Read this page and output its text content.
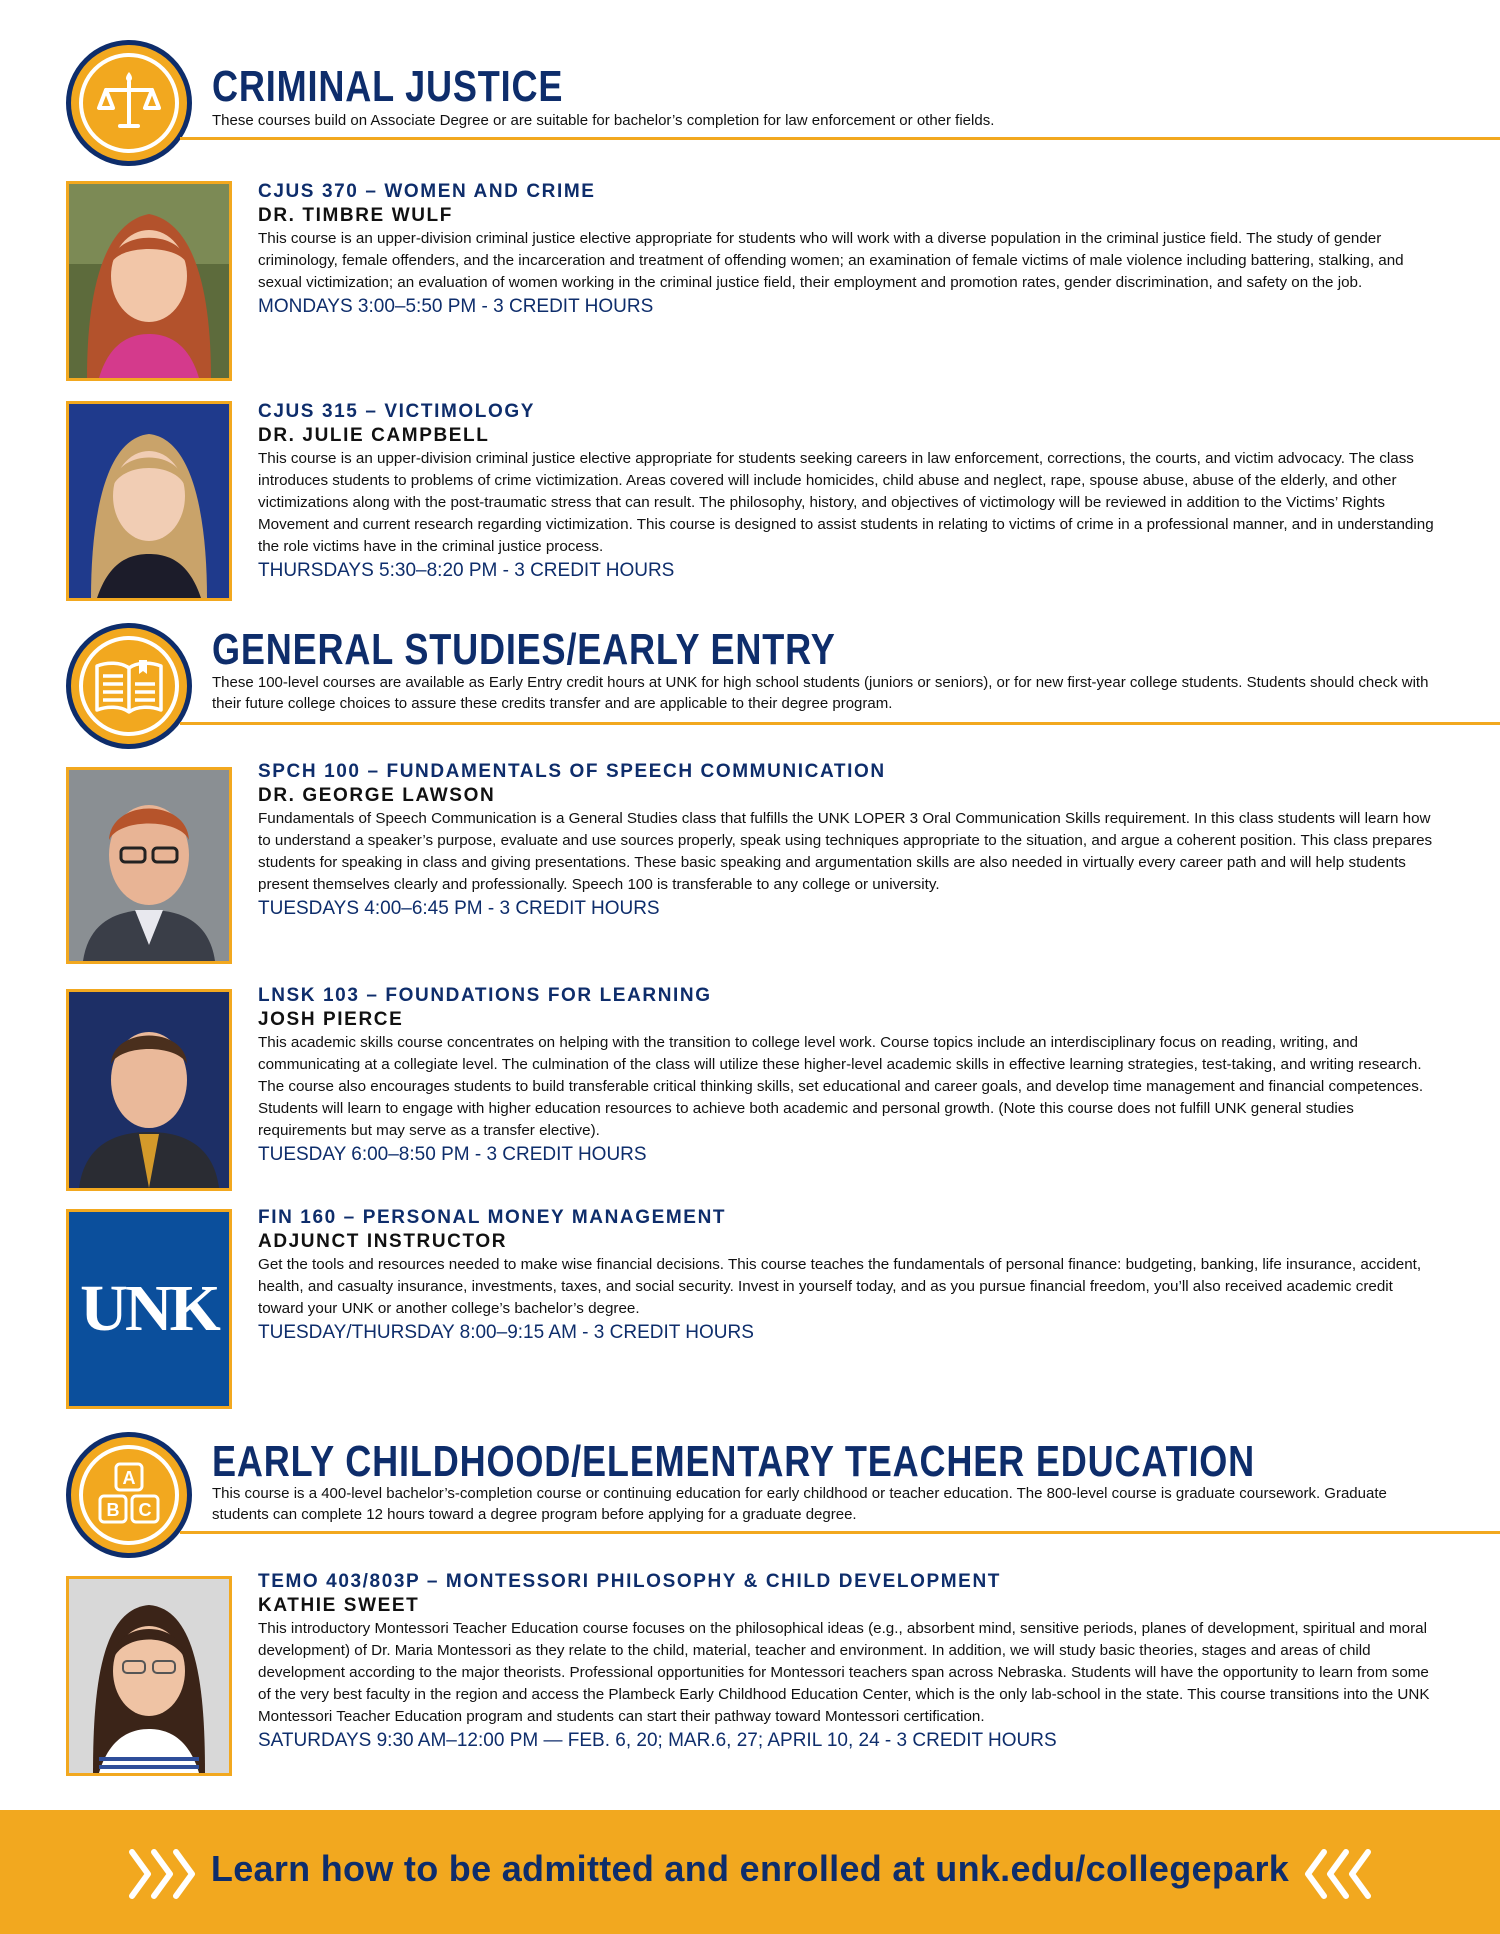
CRIMINAL JUSTICE
These courses build on Associate Degree or are suitable for bachelor’s completion for law enforcement or other fields.
CJUS 370 – WOMEN AND CRIME
DR. TIMBRE WULF
This course is an upper-division criminal justice elective appropriate for students who will work with a diverse population in the criminal justice field. The study of gender criminology, female offenders, and the incarceration and treatment of offending women; an examination of female victims of male violence including battering, stalking, and sexual victimization; an evaluation of women working in the criminal justice field, their employment and promotion rates, gender discrimination, and safety on the job.
MONDAYS 3:00–5:50 PM - 3 CREDIT HOURS
CJUS 315 – VICTIMOLOGY
DR. JULIE CAMPBELL
This course is an upper-division criminal justice elective appropriate for students seeking careers in law enforcement, corrections, the courts, and victim advocacy. The class introduces students to problems of crime victimization. Areas covered will include homicides, child abuse and neglect, rape, spouse abuse, abuse of the elderly, and other victimizations along with the post-traumatic stress that can result. The philosophy, history, and objectives of victimology will be reviewed in addition to the Victims’ Rights Movement and current research regarding victimization. This course is designed to assist students in relating to victims of crime in a professional manner, and in understanding the role victims have in the criminal justice process.
THURSDAYS 5:30–8:20 PM - 3 CREDIT HOURS
GENERAL STUDIES/EARLY ENTRY
These 100-level courses are available as Early Entry credit hours at UNK for high school students (juniors or seniors), or for new first-year college students. Students should check with their future college choices to assure these credits transfer and are applicable to their degree program.
SPCH 100 – FUNDAMENTALS OF SPEECH COMMUNICATION
DR. GEORGE LAWSON
Fundamentals of Speech Communication is a General Studies class that fulfills the UNK LOPER 3 Oral Communication Skills requirement. In this class students will learn how to understand a speaker’s purpose, evaluate and use sources properly, speak using techniques appropriate to the situation, and argue a coherent position. This class prepares students for speaking in class and giving presentations. These basic speaking and argumentation skills are also needed in virtually every career path and will help students present themselves clearly and professionally. Speech 100 is transferable to any college or university.
TUESDAYS 4:00–6:45 PM - 3 CREDIT HOURS
LNSK 103 – FOUNDATIONS FOR LEARNING
JOSH PIERCE
This academic skills course concentrates on helping with the transition to college level work. Course topics include an interdisciplinary focus on reading, writing, and communicating at a collegiate level. The culmination of the class will utilize these higher-level academic skills in effective learning strategies, test-taking, and writing research. The course also encourages students to build transferable critical thinking skills, set educational and career goals, and develop time management and financial competences. Students will learn to engage with higher education resources to achieve both academic and personal growth. (Note this course does not fulfill UNK general studies requirements but may serve as a transfer elective).
TUESDAY 6:00–8:50 PM - 3 CREDIT HOURS
UNK
FIN 160 – PERSONAL MONEY MANAGEMENT
ADJUNCT INSTRUCTOR
Get the tools and resources needed to make wise financial decisions. This course teaches the fundamentals of personal finance: budgeting, banking, life insurance, accident, health, and casualty insurance, investments, taxes, and social security. Invest in yourself today, and as you pursue financial freedom, you’ll also received academic credit toward your UNK or another college’s bachelor’s degree.
TUESDAY/THURSDAY 8:00–9:15 AM - 3 CREDIT HOURS
A
B C
EARLY CHILDHOOD/ELEMENTARY TEACHER EDUCATION
This course is a 400-level bachelor’s-completion course or continuing education for early childhood or teacher education. The 800-level course is graduate coursework. Graduate students can complete 12 hours toward a degree program before applying for a graduate degree.
TEMO 403/803P – MONTESSORI PHILOSOPHY & CHILD DEVELOPMENT
KATHIE SWEET
This introductory Montessori Teacher Education course focuses on the philosophical ideas (e.g., absorbent mind, sensitive periods, planes of development, spiritual and moral development) of Dr. Maria Montessori as they relate to the child, material, teacher and environment. In addition, we will study basic theories, stages and areas of child development according to the major theorists. Professional opportunities for Montessori teachers span across Nebraska. Students will have the opportunity to learn from some of the very best faculty in the region and access the Plambeck Early Childhood Education Center, which is the only lab-school in the state. This course transitions into the UNK Montessori Teacher Education program and students can start their pathway toward Montessori certification.
SATURDAYS 9:30 AM–12:00 PM — FEB. 6, 20; MAR.6, 27; APRIL 10, 24 - 3 CREDIT HOURS
Learn how to be admitted and enrolled at unk.edu/collegepark
